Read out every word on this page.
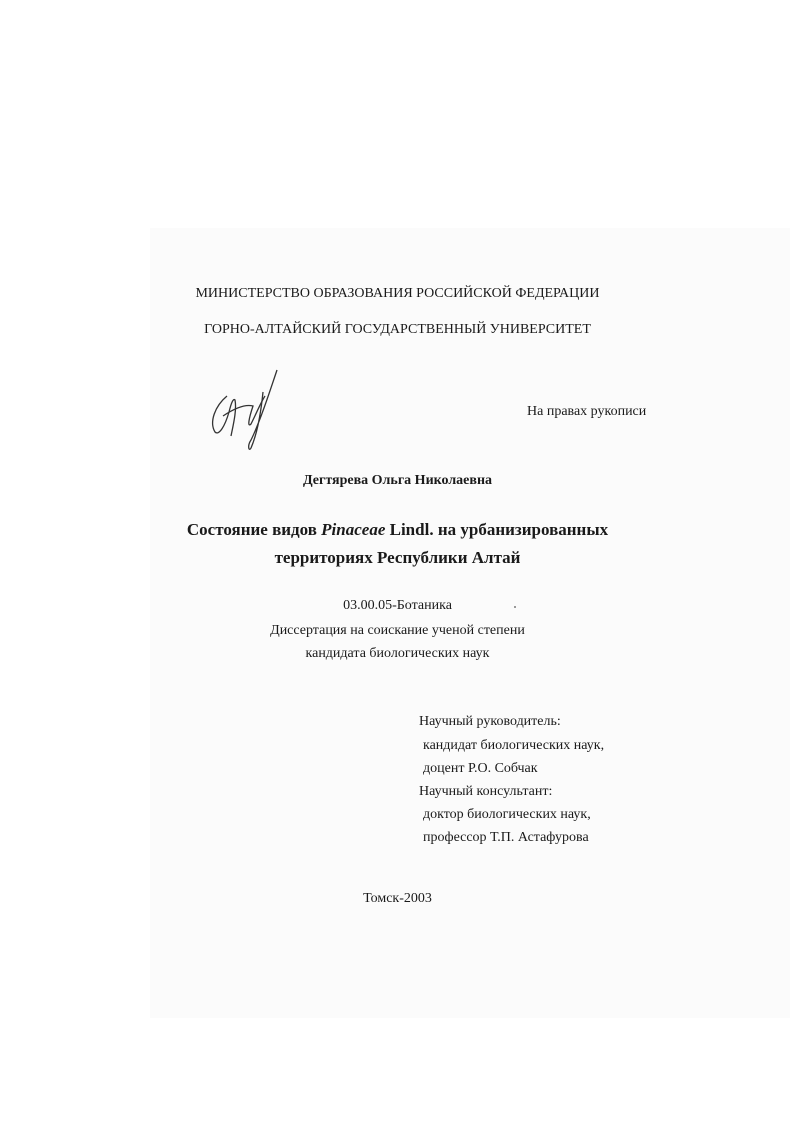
МИНИСТЕРСТВО ОБРАЗОВАНИЯ РОССИЙСКОЙ ФЕДЕРАЦИИ
ГОРНО-АЛТАЙСКИЙ ГОСУДАРСТВЕННЫЙ УНИВЕРСИТЕТ
На правах рукописи
Дегтярева Ольга Николаевна
Состояние видов Pinaceae Lindl. на урбанизированных
территориях Республики Алтай
03.00.05-Ботаника
Диссертация на соискание ученой степени
кандидата биологических наук
Научный руководитель:
кандидат биологических наук,
доцент Р.О. Собчак
Научный консультант:
доктор биологических наук,
профессор Т.П. Астафурова
Томск-2003
